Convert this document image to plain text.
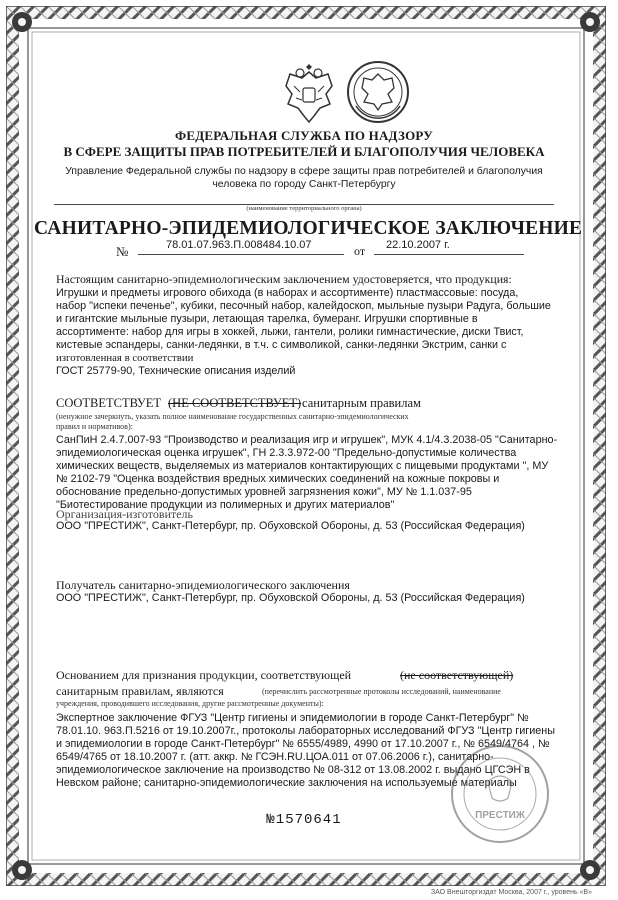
ФЕДЕРАЛЬНАЯ СЛУЖБА ПО НАДЗОРУ
В СФЕРЕ ЗАЩИТЫ ПРАВ ПОТРЕБИТЕЛЕЙ И БЛАГОПОЛУЧИЯ ЧЕЛОВЕКА
Управление Федеральной службы по надзору в сфере защиты прав потребителей и благополучия
человека по городу Санкт-Петербургу
(наименование территориального органа)
САНИТАРНО-ЭПИДЕМИОЛОГИЧЕСКОЕ ЗАКЛЮЧЕНИЕ
№	78.01.07.963.П.008484.10.07	от 22.10.2007 г.
Настоящим санитарно-эпидемиологическим заключением удостоверяется, что продукция:
Игрушки и предметы игрового обихода (в наборах и ассортименте) пластмассовые: посуда,
набор "испеки печенье", кубики, песочный набор, калейдоскоп, мыльные пузыри Радуга, большие
и гигантские мыльные пузыри, летающая тарелка, бумеранг. Игрушки спортивные в
ассортименте: набор для игры в хоккей, лыжи, гантели, ролики гимнастические, диски Твист,
кистевые эспандеры, санки-ледянки, в т.ч. с символикой, санки-ледянки Экстрим, санки с
изготовленная в соответствии
ГОСТ 25779-90, Технические описания изделий
СООТВЕТСТВУЕТ (НЕ СООТВЕТСТВУЕТ) санитарным правилам
(ненужное зачеркнуть, указать полное наименование государственных санитарно-эпидемиологических
правил и нормативов):
СанПиН 2.4.7.007-93 "Производство и реализация игр и игрушек", МУК 4.1/4.3.2038-05 "Санитарно-
эпидемиологическая оценка игрушек", ГН 2.3.3.972-00 "Предельно-допустимые количества
химических веществ, выделяемых из материалов контактирующих с пищевыми продуктами ", МУ
№ 2102-79 "Оценка воздействия вредных химических соединений на кожные покровы и
обоснование предельно-допустимых уровней загрязнения кожи", МУ № 1.1.037-95
"Биотестирование продукции из полимерных и других материалов"
Организация-изготовитель
ООО "ПРЕСТИЖ", Санкт-Петербург, пр. Обуховской Обороны, д. 53 (Российская Федерация)
Получатель санитарно-эпидемиологического заключения
ООО "ПРЕСТИЖ", Санкт-Петербург, пр. Обуховской Обороны, д. 53 (Российская Федерация)
Основанием для признания продукции, соответствующей	(не соответствующей)
санитарным правилам, являются	(перечислить рассмотренные протоколы исследований, наименование
учреждения, проводившего исследования, другие рассмотренные документы):
Экспертное заключение ФГУЗ "Центр гигиены и эпидемиологии в городе Санкт-Петербург" №
78.01.10. 963.П.5216 от 19.10.2007г., протоколы лабораторных исследований ФГУЗ "Центр гигиены
и эпидемиологии в городе Санкт-Петербург" № 6555/4989, 4990 от 17.10.2007 г., № 6549/4764 , №
6549/4765 от 18.10.2007 г. (атт. аккр. № ГСЭН.RU.ЦОА.011 от 07.06.2006 г.), санитарно-
эпидемиологическое заключение на производство № 08-312 от 13.08.2002 г. выдано ЦГСЭН в
Невском районе; санитарно-эпидемиологические заключения на используемые материалы
№1570641	ПРЕСТИЖ
ЗАО Внешторгиздат Москва, 2007 г., уровень «В»
